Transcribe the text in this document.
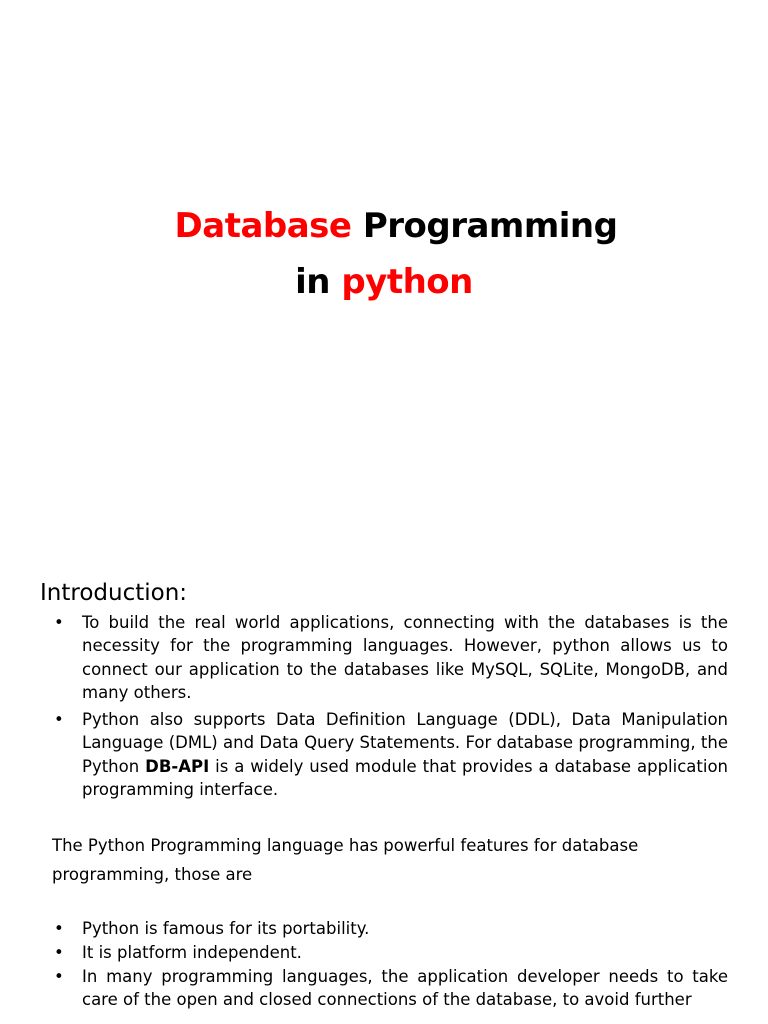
Database Programming
in python
Introduction:
• To build the real world applications, connecting with the databases is the necessity for the programming languages. However, python allows us to connect our application to the databases like MySQL, SQLite, MongoDB, and many others.
• Python also supports Data Definition Language (DDL), Data Manipulation Language (DML) and Data Query Statements. For database programming, the Python DB-API is a widely used module that provides a database application programming interface.

The Python Programming language has powerful features for database programming, those are

• Python is famous for its portability.
• It is platform independent.
• In many programming languages, the application developer needs to take care of the open and closed connections of the database, to avoid further
